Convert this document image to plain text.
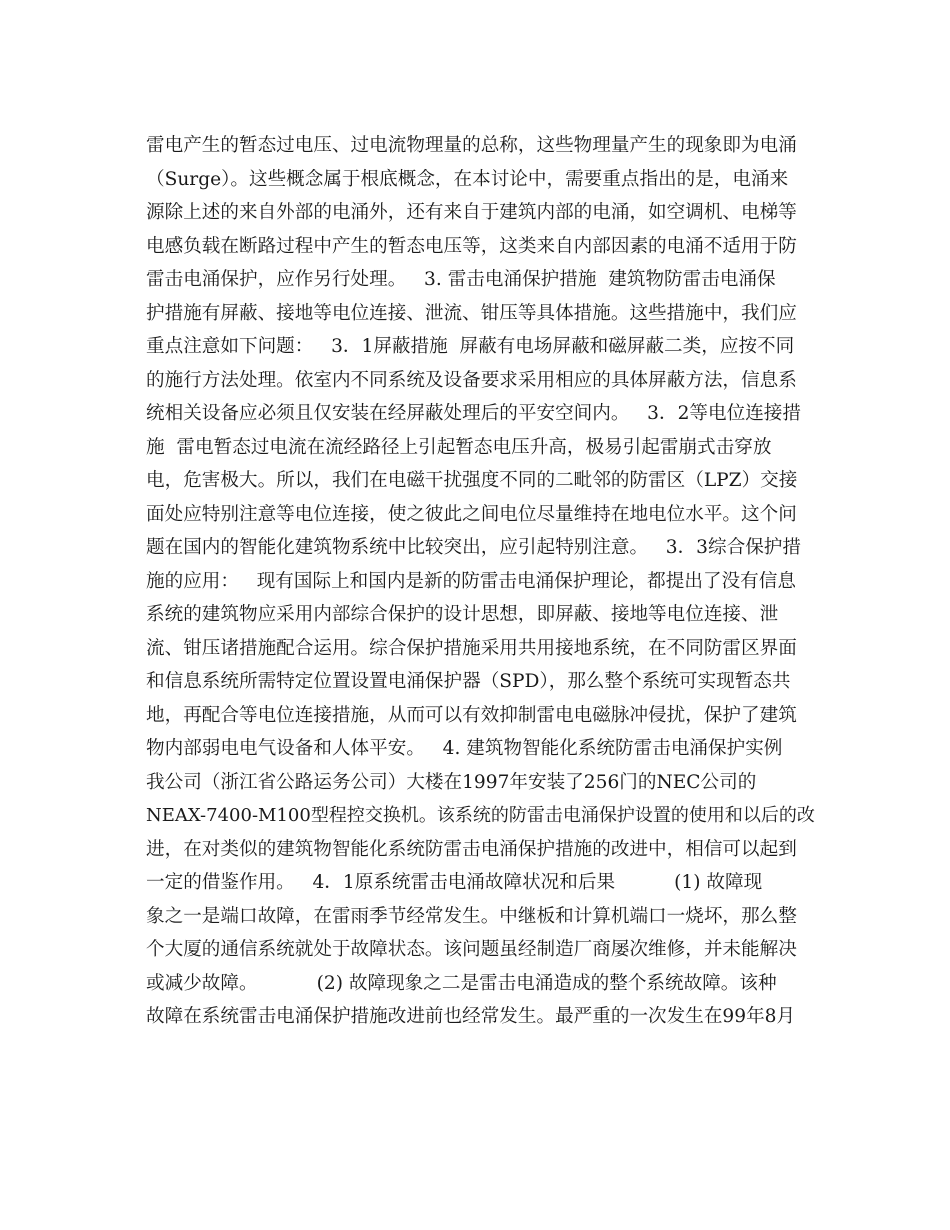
雷电产生的暂态过电压、过电流物理量的总称，这些物理量产生的现象即为电涌
（Surge）。这些概念属于根底概念，在本讨论中，需要重点指出的是，电涌来
源除上述的来自外部的电涌外，还有来自于建筑内部的电涌，如空调机、电梯等
电感负载在断路过程中产生的暂态电压等，这类来自内部因素的电涌不适用于防
雷击电涌保护，应作另行处理。   3. 雷击电涌保护措施  建筑物防雷击电涌保
护措施有屏蔽、接地等电位连接、泄流、钳压等具体措施。这些措施中，我们应
重点注意如下问题：   3．1屏蔽措施  屏蔽有电场屏蔽和磁屏蔽二类，应按不同
的施行方法处理。依室内不同系统及设备要求采用相应的具体屏蔽方法，信息系
统相关设备应必须且仅安装在经屏蔽处理后的平安空间内。   3．2等电位连接措
施  雷电暂态过电流在流经路径上引起暂态电压升高，极易引起雷崩式击穿放
电，危害极大。所以，我们在电磁干扰强度不同的二毗邻的防雷区（LPZ）交接
面处应特别注意等电位连接，使之彼此之间电位尽量维持在地电位水平。这个问
题在国内的智能化建筑物系统中比较突出，应引起特别注意。   3．3综合保护措
施的应用：   现有国际上和国内是新的防雷击电涌保护理论，都提出了没有信息
系统的建筑物应采用内部综合保护的设计思想，即屏蔽、接地等电位连接、泄
流、钳压诸措施配合运用。综合保护措施采用共用接地系统，在不同防雷区界面
和信息系统所需特定位置设置电涌保护器（SPD），那么整个系统可实现暂态共
地，再配合等电位连接措施，从而可以有效抑制雷电电磁脉冲侵扰，保护了建筑
物内部弱电电气设备和人体平安。   4. 建筑物智能化系统防雷击电涌保护实例
我公司（浙江省公路运务公司）大楼在1997年安装了256门的NEC公司的
NEAX-7400-M100型程控交换机。该系统的防雷击电涌保护设置的使用和以后的改
进，在对类似的建筑物智能化系统防雷击电涌保护措施的改进中，相信可以起到
一定的借鉴作用。   4．1原系统雷击电涌故障状况和后果          (1) 故障现
象之一是端口故障，在雷雨季节经常发生。中继板和计算机端口一烧坏，那么整
个大厦的通信系统就处于故障状态。该问题虽经制造厂商屡次维修，并未能解决
或减少故障。          (2) 故障现象之二是雷击电涌造成的整个系统故障。该种
故障在系统雷击电涌保护措施改进前也经常发生。最严重的一次发生在99年8月
